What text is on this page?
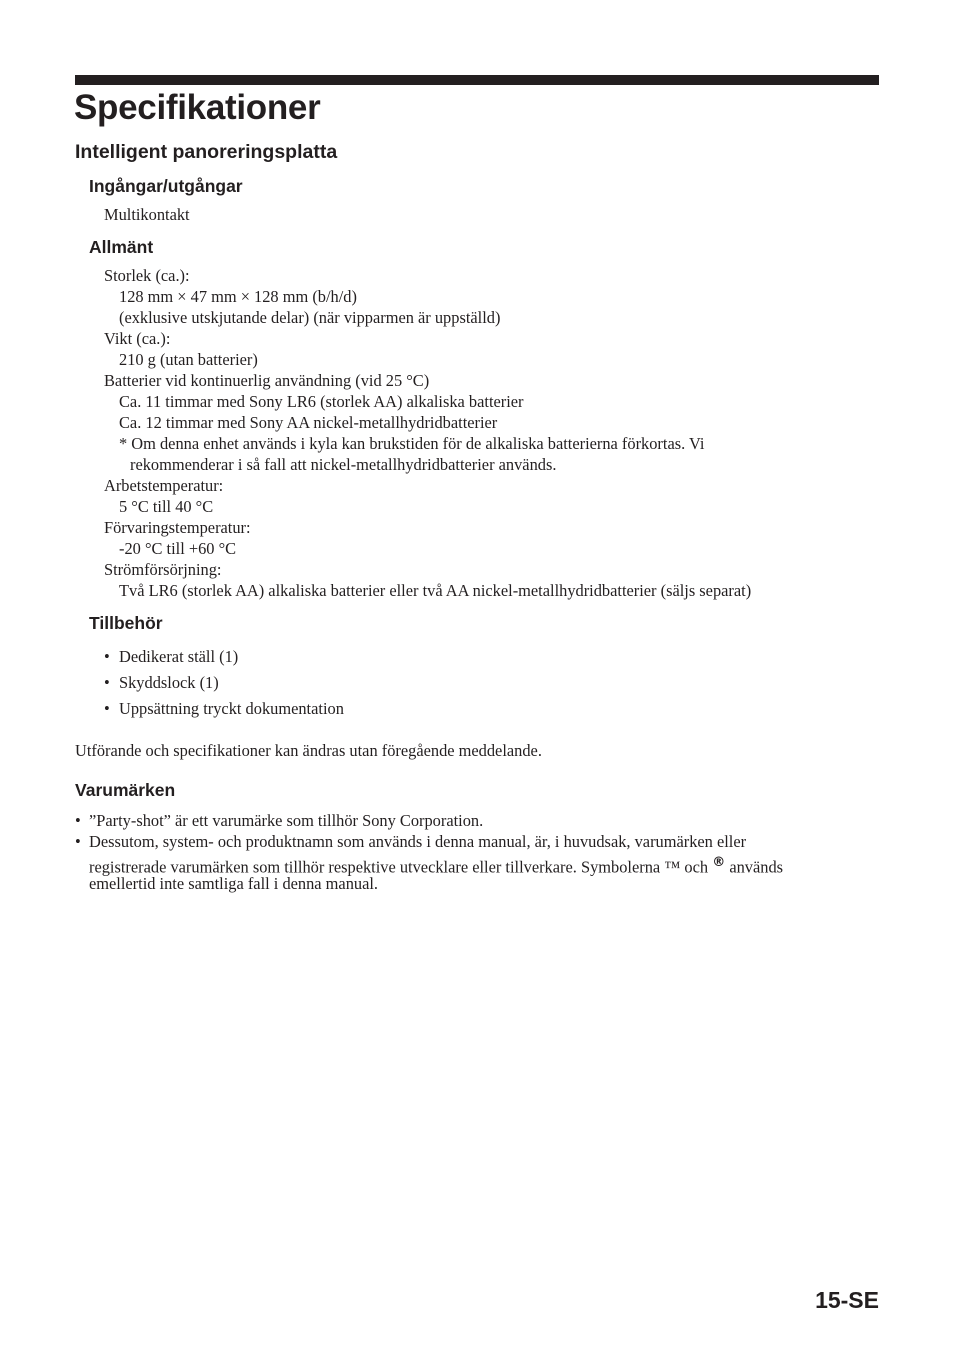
Specifikationer
Intelligent panoreringsplatta
Ingångar/utgångar
Multikontakt
Allmänt
Storlek (ca.):
128 mm × 47 mm × 128 mm (b/h/d)
(exklusive utskjutande delar) (när vipparmen är uppställd)
Vikt (ca.):
210 g (utan batterier)
Batterier vid kontinuerlig användning (vid 25 °C)
Ca. 11 timmar med Sony LR6 (storlek AA) alkaliska batterier
Ca. 12 timmar med Sony AA nickel-metallhydridbatterier
* Om denna enhet används i kyla kan brukstiden för de alkaliska batterierna förkortas. Vi
rekommenderar i så fall att nickel-metallhydridbatterier används.
Arbetstemperatur:
5 °C till 40 °C
Förvaringstemperatur:
-20 °C till +60 °C
Strömförsörjning:
Två LR6 (storlek AA) alkaliska batterier eller två AA nickel-metallhydridbatterier (säljs separat)
Tillbehör
• Dedikerat ställ (1)
• Skyddslock (1)
• Uppsättning tryckt dokumentation
Utförande och specifikationer kan ändras utan föregående meddelande.
Varumärken
• ”Party-shot” är ett varumärke som tillhör Sony Corporation.
• Dessutom, system- och produktnamn som används i denna manual, är, i huvudsak, varumärken eller
registrerade varumärken som tillhör respektive utvecklare eller tillverkare. Symbolerna ™ och ® används
emellertid inte samtliga fall i denna manual.
15-SE
